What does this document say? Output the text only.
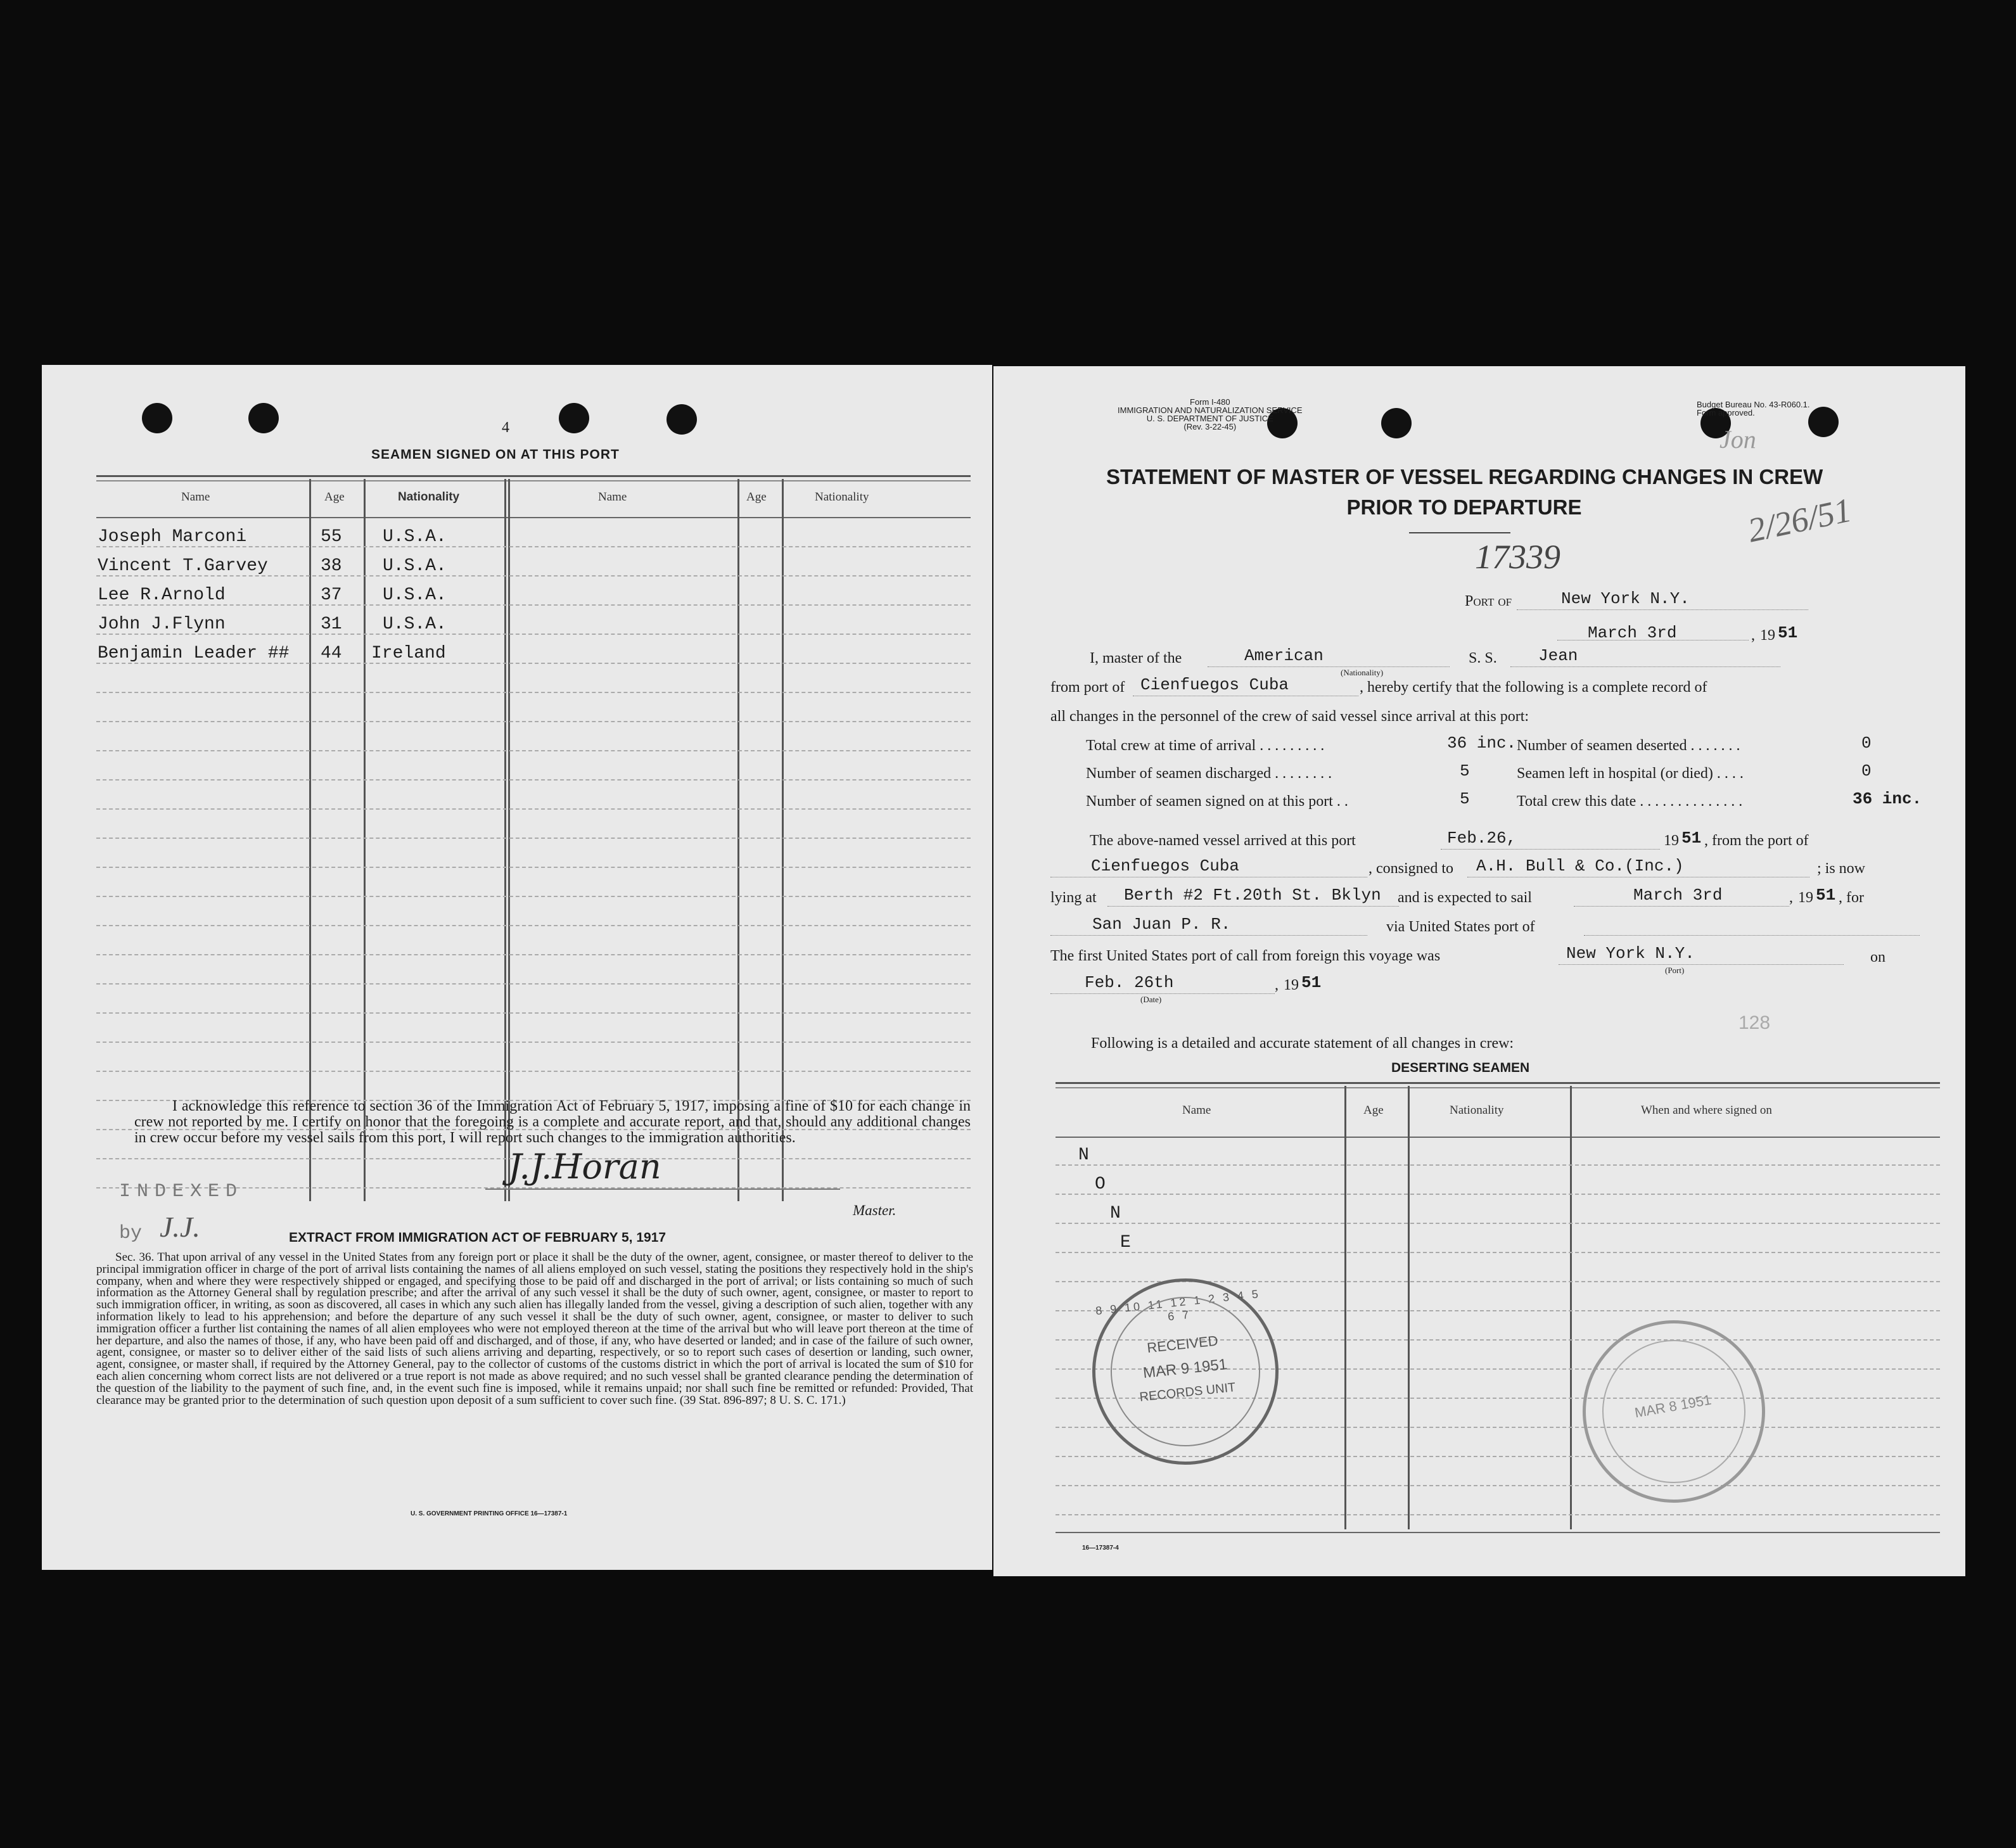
4
SEAMEN SIGNED ON AT THIS PORT
Name	Age	Nationality	Name	Age	Nationality
Joseph Marconi	55 U.S.A.
Vincent T.Garvey	38 U.S.A.
Lee R.Arnold	37 U.S.A.
John J.Flynn	31 U.S.A.
Benjamin Leader ## 44 Ireland
I acknowledge this reference to section 36 of the Immigration Act of February 5, 1917, imposing a fine of $10 for each change in crew not reported by me. I certify on honor that the foregoing is a complete and accurate report, and that, should any additional changes in crew occur before my vessel sails from this port, I will report such changes to the immigration authorities.
J.J.Horan
Master.
INDEXED
by J.J.	EXTRACT FROM IMMIGRATION ACT OF FEBRUARY 5, 1917
Sec. 36. That upon arrival of any vessel in the United States from any foreign port or place it shall be the duty of the owner, agent, consignee, or master thereof to deliver to the principal immigration officer in charge of the port of arrival lists containing the names of all aliens employed on such vessel, stating the positions they respectively hold in the ship's company, when and where they were respectively shipped or engaged, and specifying those to be paid off and discharged in the port of arrival; or lists containing so much of such information as the Attorney General shall by regulation prescribe; and after the arrival of any such vessel it shall be the duty of such owner, agent, consignee, or master to report to such immigration officer, in writing, as soon as discovered, all cases in which any such alien has illegally landed from the vessel, giving a description of such alien, together with any information likely to lead to his apprehension; and before the departure of any such vessel it shall be the duty of such owner, agent, consignee, or master to deliver to such immigration officer a further list containing the names of all alien employees who were not employed thereon at the time of the arrival but who will leave port thereon at the time of her departure, and also the names of those, if any, who have been paid off and discharged, and of those, if any, who have deserted or landed; and in case of the failure of such owner, agent, consignee, or master so to deliver either of the said lists of such aliens arriving and departing, respectively, or so to report such cases of desertion or landing, such owner, agent, consignee, or master shall, if required by the Attorney General, pay to the collector of customs of the customs district in which the port of arrival is located the sum of $10 for each alien concerning whom correct lists are not delivered or a true report is not made as above required; and no such vessel shall be granted clearance pending the determination of the question of the liability to the payment of such fine, and, in the event such fine is imposed, while it remains unpaid; nor shall such fine be remitted or refunded: Provided, That clearance may be granted prior to the determination of such question upon deposit of a sum sufficient to cover such fine. (39 Stat. 896-897; 8 U. S. C. 171.)
U. S. GOVERNMENT PRINTING OFFICE 16—17387-1
Form I-480
IMMIGRATION AND NATURALIZATION SERVICE
U. S. DEPARTMENT OF JUSTICE
(Rev. 3-22-45)
Budget Bureau No. 43-R060.1.
Form approved.
Jon
2/26/51
STATEMENT OF MASTER OF VESSEL REGARDING CHANGES IN CREW
PRIOR TO DEPARTURE
17339
Port of	New York N.Y.
March 3rd	, 19 51
I, master of the	American
(Nationality)
S. S.	Jean
from port of Cienfuegos Cuba	, hereby certify that the following is a complete record of
all changes in the personnel of the crew of said vessel since arrival at this port:
Total crew at time of arrival . . . . . . . . .	36 inc. Number of seamen deserted . . . . . . .	0
Number of seamen discharged . . . . . . . .	5	Seamen left in hospital (or died) . . . .	0
Number of seamen signed on at this port . .	5	Total crew this date . . . . . . . . . . . . . .	36 inc.
The above-named vessel arrived at this port	Feb.26,	19 51 , from the port of
Cienfuegos Cuba	, consigned to A.H. Bull & Co.(Inc.)	; is now
lying at Berth #2 Ft.20th St. Bklyn and is expected to sail	March 3rd	, 19 51 , for
San Juan P. R.	via United States port of
The first United States port of call from foreign this voyage was	New York N.Y.
(Port)
on
Feb. 26th
(Date)
, 19 51
128
Following is a detailed and accurate statement of all changes in crew:
DESERTING SEAMEN
Name	Age	Nationality	When and where signed on
N
O
N
E
8 9 10 11 12 1 2 3 4 5 6 7
RECEIVED
MAR 9 1951
RECORDS UNIT	MAR 8 1951
16—17387-4
